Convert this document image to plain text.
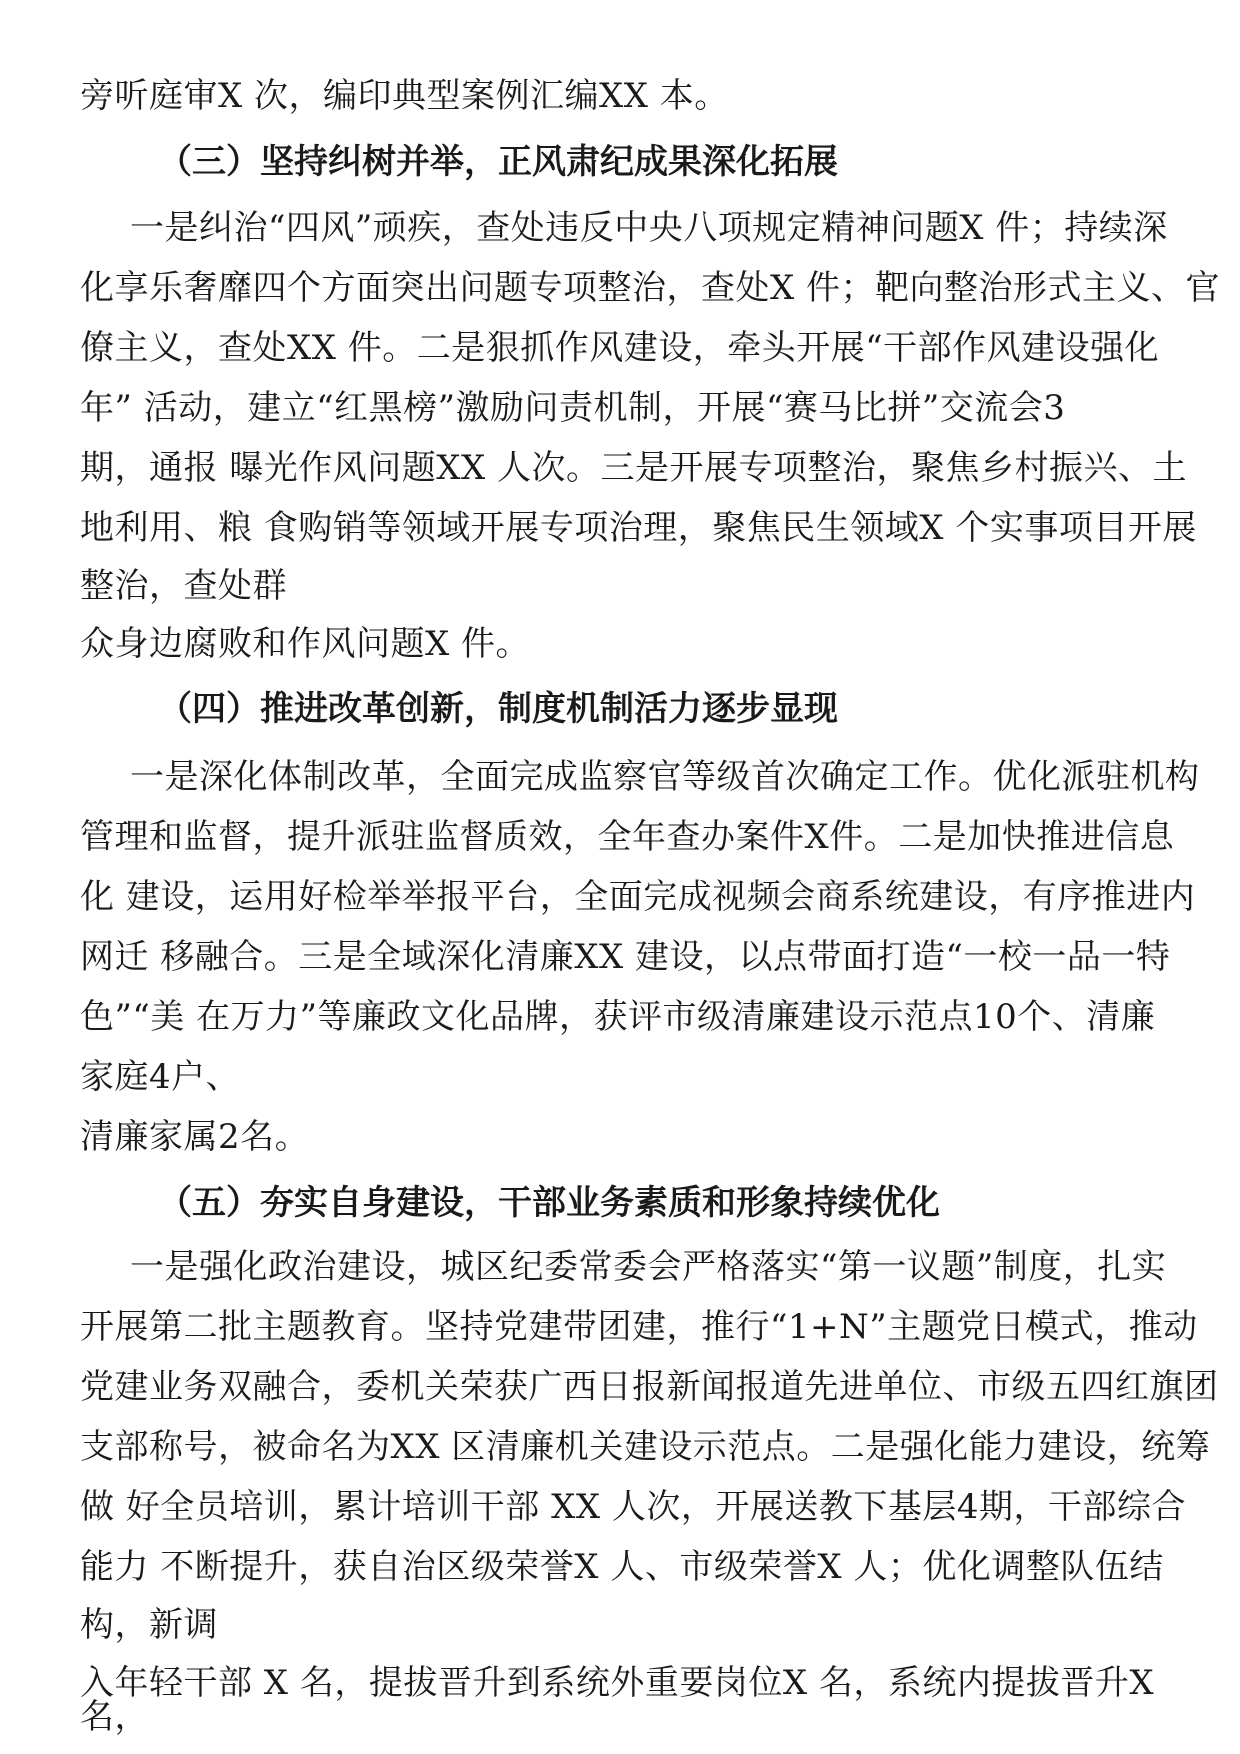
旁听庭审X 次，编印典型案例汇编XX 本。
（三）坚持纠树并举，正风肃纪成果深化拓展
一是纠治“四风”顽疾，查处违反中央八项规定精神问题X 件；持续深
化享乐奢靡四个方面突出问题专项整治，查处X 件；靶向整治形式主义、官
僚主义，查处XX 件。二是狠抓作风建设，牵头开展“干部作风建设强化
年” 活动，建立“红黑榜”激励问责机制，开展“赛马比拼”交流会3
期，通报 曝光作风问题XX 人次。三是开展专项整治，聚焦乡村振兴、土
地利用、粮 食购销等领域开展专项治理，聚焦民生领域X 个实事项目开展
整治，查处群
众身边腐败和作风问题X 件。
（四）推进改革创新，制度机制活力逐步显现
一是深化体制改革，全面完成监察官等级首次确定工作。优化派驻机构
管理和监督，提升派驻监督质效，全年查办案件X件。二是加快推进信息
化 建设，运用好检举举报平台，全面完成视频会商系统建设，有序推进内
网迁 移融合。三是全域深化清廉XX 建设，以点带面打造“一校一品一特
色”“美 在万力”等廉政文化品牌，获评市级清廉建设示范点10个、清廉
家庭4户、
清廉家属2名。
（五）夯实自身建设，干部业务素质和形象持续优化
一是强化政治建设，城区纪委常委会严格落实“第一议题”制度，扎实
开展第二批主题教育。坚持党建带团建，推行“1+N”主题党日模式，推动
党建业务双融合，委机关荣获广西日报新闻报道先进单位、市级五四红旗团
支部称号，被命名为XX 区清廉机关建设示范点。二是强化能力建设，统筹
做 好全员培训，累计培训干部 XX 人次，开展送教下基层4期，干部综合
能力 不断提升，获自治区级荣誉X 人、市级荣誉X 人；优化调整队伍结
构，新调
入年轻干部 X 名，提拔晋升到系统外重要岗位X 名，系统内提拔晋升X
名，
